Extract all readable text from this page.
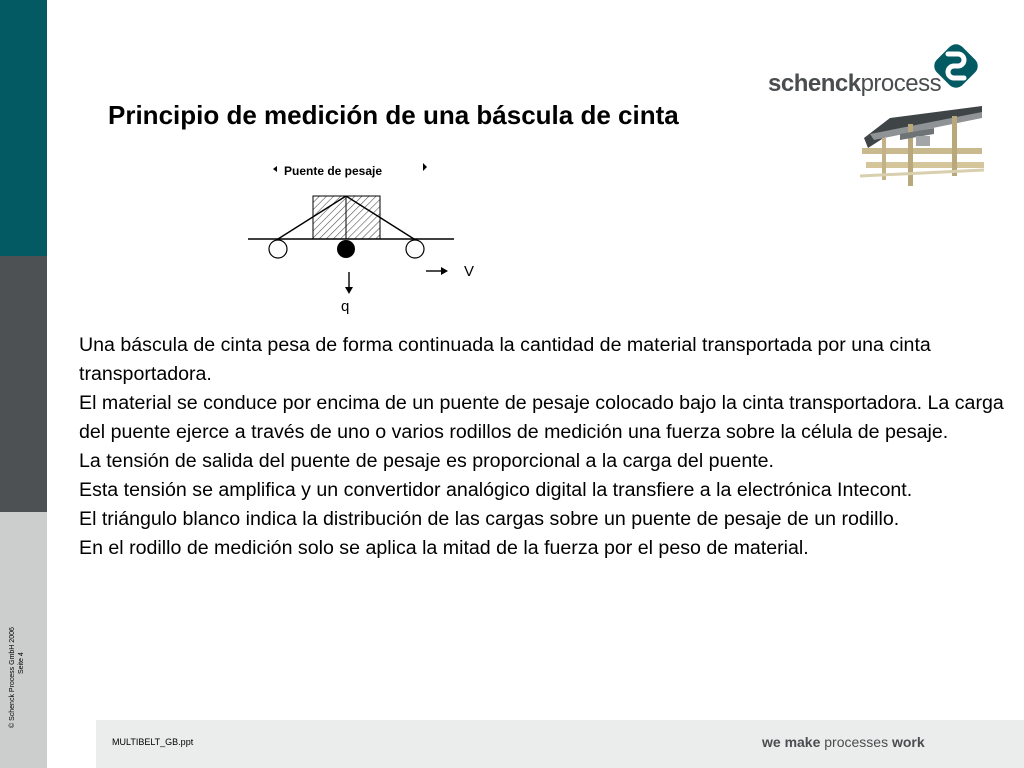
© Schenck Process GmbH 2006 Seite 4
schenckprocess
Principio de medición de una báscula de cinta
Puente de pesaje
V
q

Una báscula de cinta pesa de forma continuada la cantidad de material transportada por una cinta transportadora.

El material se conduce por encima de un puente de pesaje colocado bajo la cinta transportadora. La carga del puente ejerce a través de uno o varios rodillos de medición una fuerza sobre la célula de pesaje.

La tensión de salida del puente de pesaje es proporcional a la carga del puente.

Esta tensión se amplifica y un convertidor analógico digital la transfiere a la electrónica Intecont.

El triángulo blanco indica la distribución de las cargas sobre un puente de pesaje de un rodillo.

En el rodillo de medición solo se aplica la mitad de la fuerza por el peso de material.

MULTIBELT_GB.ppt	we make processes work
